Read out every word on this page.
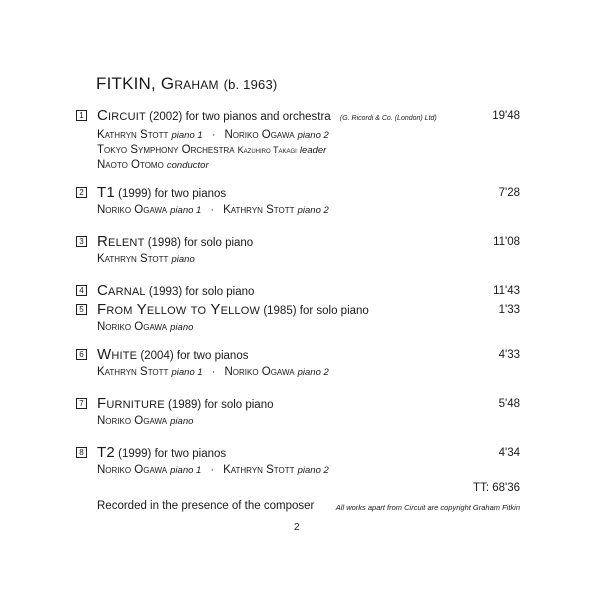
FITKIN, Graham (b. 1963)
1 Circuit (2002) for two pianos and orchestra (G. Ricordi & Co. (London) Ltd)	19'48
Kathryn Stott piano 1 · Noriko Ogawa piano 2
Tokyo Symphony Orchestra Kazuhiro Takagi leader
Naoto Otomo conductor
2 T1 (1999) for two pianos	7'28
Noriko Ogawa piano 1 · Kathryn Stott piano 2
3 Relent (1998) for solo piano	11'08
Kathryn Stott piano
4 Carnal (1993) for solo piano	11'43
5 From Yellow to Yellow (1985) for solo piano	1'33
Noriko Ogawa piano
6 White (2004) for two pianos	4'33
Kathryn Stott piano 1 · Noriko Ogawa piano 2
7 Furniture (1989) for solo piano	5'48
Noriko Ogawa piano
8 T2 (1999) for two pianos	4'34
Noriko Ogawa piano 1 · Kathryn Stott piano 2
TT: 68'36
Recorded in the presence of the composer	All works apart from Circuit are copyright Graham Fitkin
2
